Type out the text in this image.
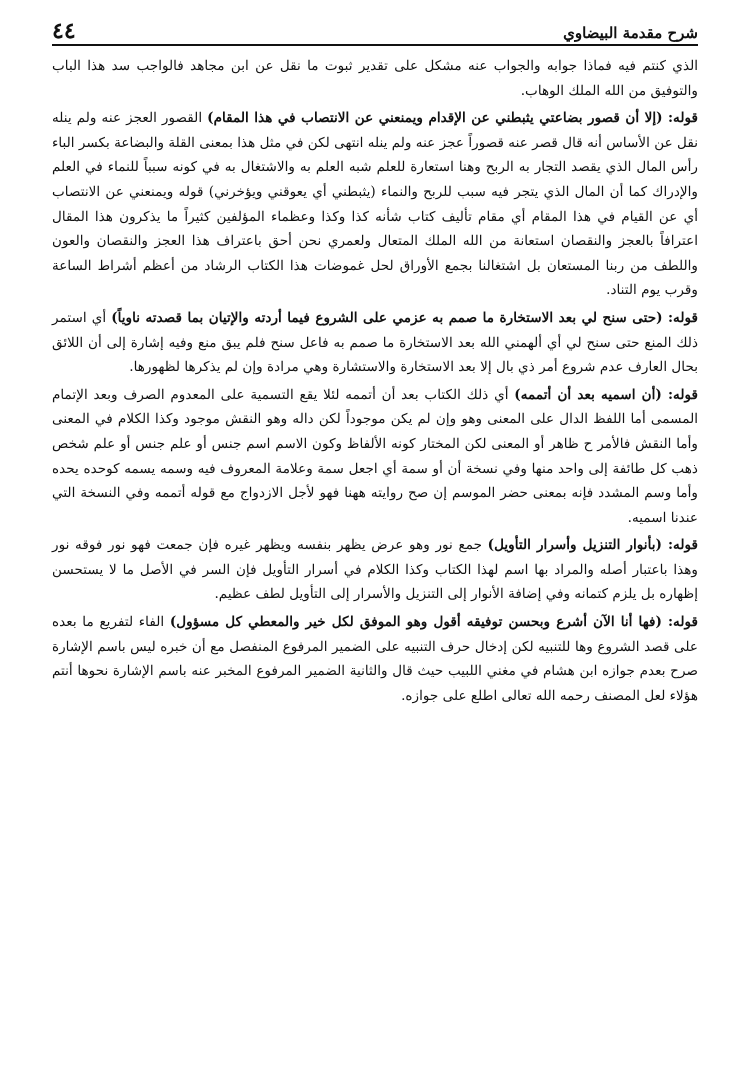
شرح مقدمة البيضاوي
٤٤

الذي كنتم فيه فماذا جوابه والجواب عنه مشكل على تقدير ثبوت ما نقل عن ابن مجاهد فالواجب سد هذا الباب والتوفيق من الله الملك الوهاب.

قوله: (إلا أن قصور بضاعتي يثبطني عن الإقدام ويمنعني عن الانتصاب في هذا المقام) القصور العجز عنه ولم ينله نقل عن الأساس أنه قال قصر عنه قصوراً عجز عنه ولم ينله انتهى لكن في مثل هذا بمعنى القلة والبضاعة بكسر الباء رأس المال الذي يقصد التجار به الربح وهنا استعارة للعلم شبه العلم به والاشتغال به في كونه سبباً للنماء في العلم والإدراك كما أن المال الذي يتجر فيه سبب للربح والنماء (يثبطني أي يعوقني ويؤخرني) قوله ويمنعني عن الانتصاب أي عن القيام في هذا المقام أي مقام تأليف كتاب شأنه كذا وكذا وعظماء المؤلفين كثيراً ما يذكرون هذا المقال اعترافاً بالعجز والنقصان استعانة من الله الملك المتعال ولعمري نحن أحق باعتراف هذا العجز والنقصان والعون واللطف من ربنا المستعان بل اشتغالنا بجمع الأوراق لحل غموضات هذا الكتاب الرشاد من أعظم أشراط الساعة وقرب يوم التناد.

قوله: (حتى سنح لي بعد الاستخارة ما صمم به عزمي على الشروع فيما أردته والإتيان بما قصدته ناوياً) أي استمر ذلك المنع حتى سنح لي أي ألهمني الله بعد الاستخارة ما صمم به فاعل سنح فلم يبق منع وفيه إشارة إلى أن اللائق بحال العارف عدم شروع أمر ذي بال إلا بعد الاستخارة والاستشارة وهي مرادة وإن لم يذكرها لظهورها.

قوله: (أن اسميه بعد أن أتممه) أي ذلك الكتاب بعد أن أتممه لئلا يقع التسمية على المعدوم الصرف وبعد الإتمام المسمى أما اللفظ الدال على المعنى وهو وإن لم يكن موجوداً لكن داله وهو النقش موجود وكذا الكلام في المعنى وأما النقش فالأمر ح ظاهر أو المعنى لكن المختار كونه الألفاظ وكون الاسم اسم جنس أو علم جنس أو علم شخص ذهب كل طائفة إلى واحد منها وفي نسخة أن أو سمة أي اجعل سمة وعلامة المعروف فيه وسمه يسمه كوحده يحده وأما وسم المشدد فإنه بمعنى حضر الموسم إن صح روايته ههنا فهو لأجل الازدواج مع قوله أتممه وفي النسخة التي عندنا اسميه.

قوله: (بأنوار التنزيل وأسرار التأويل) جمع نور وهو عرض يظهر بنفسه ويظهر غيره فإن جمعت فهو نور فوقه نور وهذا باعتبار أصله والمراد بها اسم لهذا الكتاب وكذا الكلام في أسرار التأويل فإن السر في الأصل ما لا يستحسن إظهاره بل يلزم كتمانه وفي إضافة الأنوار إلى التنزيل والأسرار إلى التأويل لطف عظيم.

قوله: (فها أنا الآن أشرع وبحسن توفيقه أقول وهو الموفق لكل خير والمعطي كل مسؤول) الفاء لتفريع ما بعده على قصد الشروع وها للتنبيه لكن إدخال حرف التنبيه على الضمير المرفوع المنفصل مع أن خبره ليس باسم الإشارة صرح بعدم جوازه ابن هشام في مغني اللبيب حيث قال والثانية الضمير المرفوع المخبر عنه باسم الإشارة نحوها أنتم هؤلاء لعل المصنف رحمه الله تعالى اطلع على جوازه.
